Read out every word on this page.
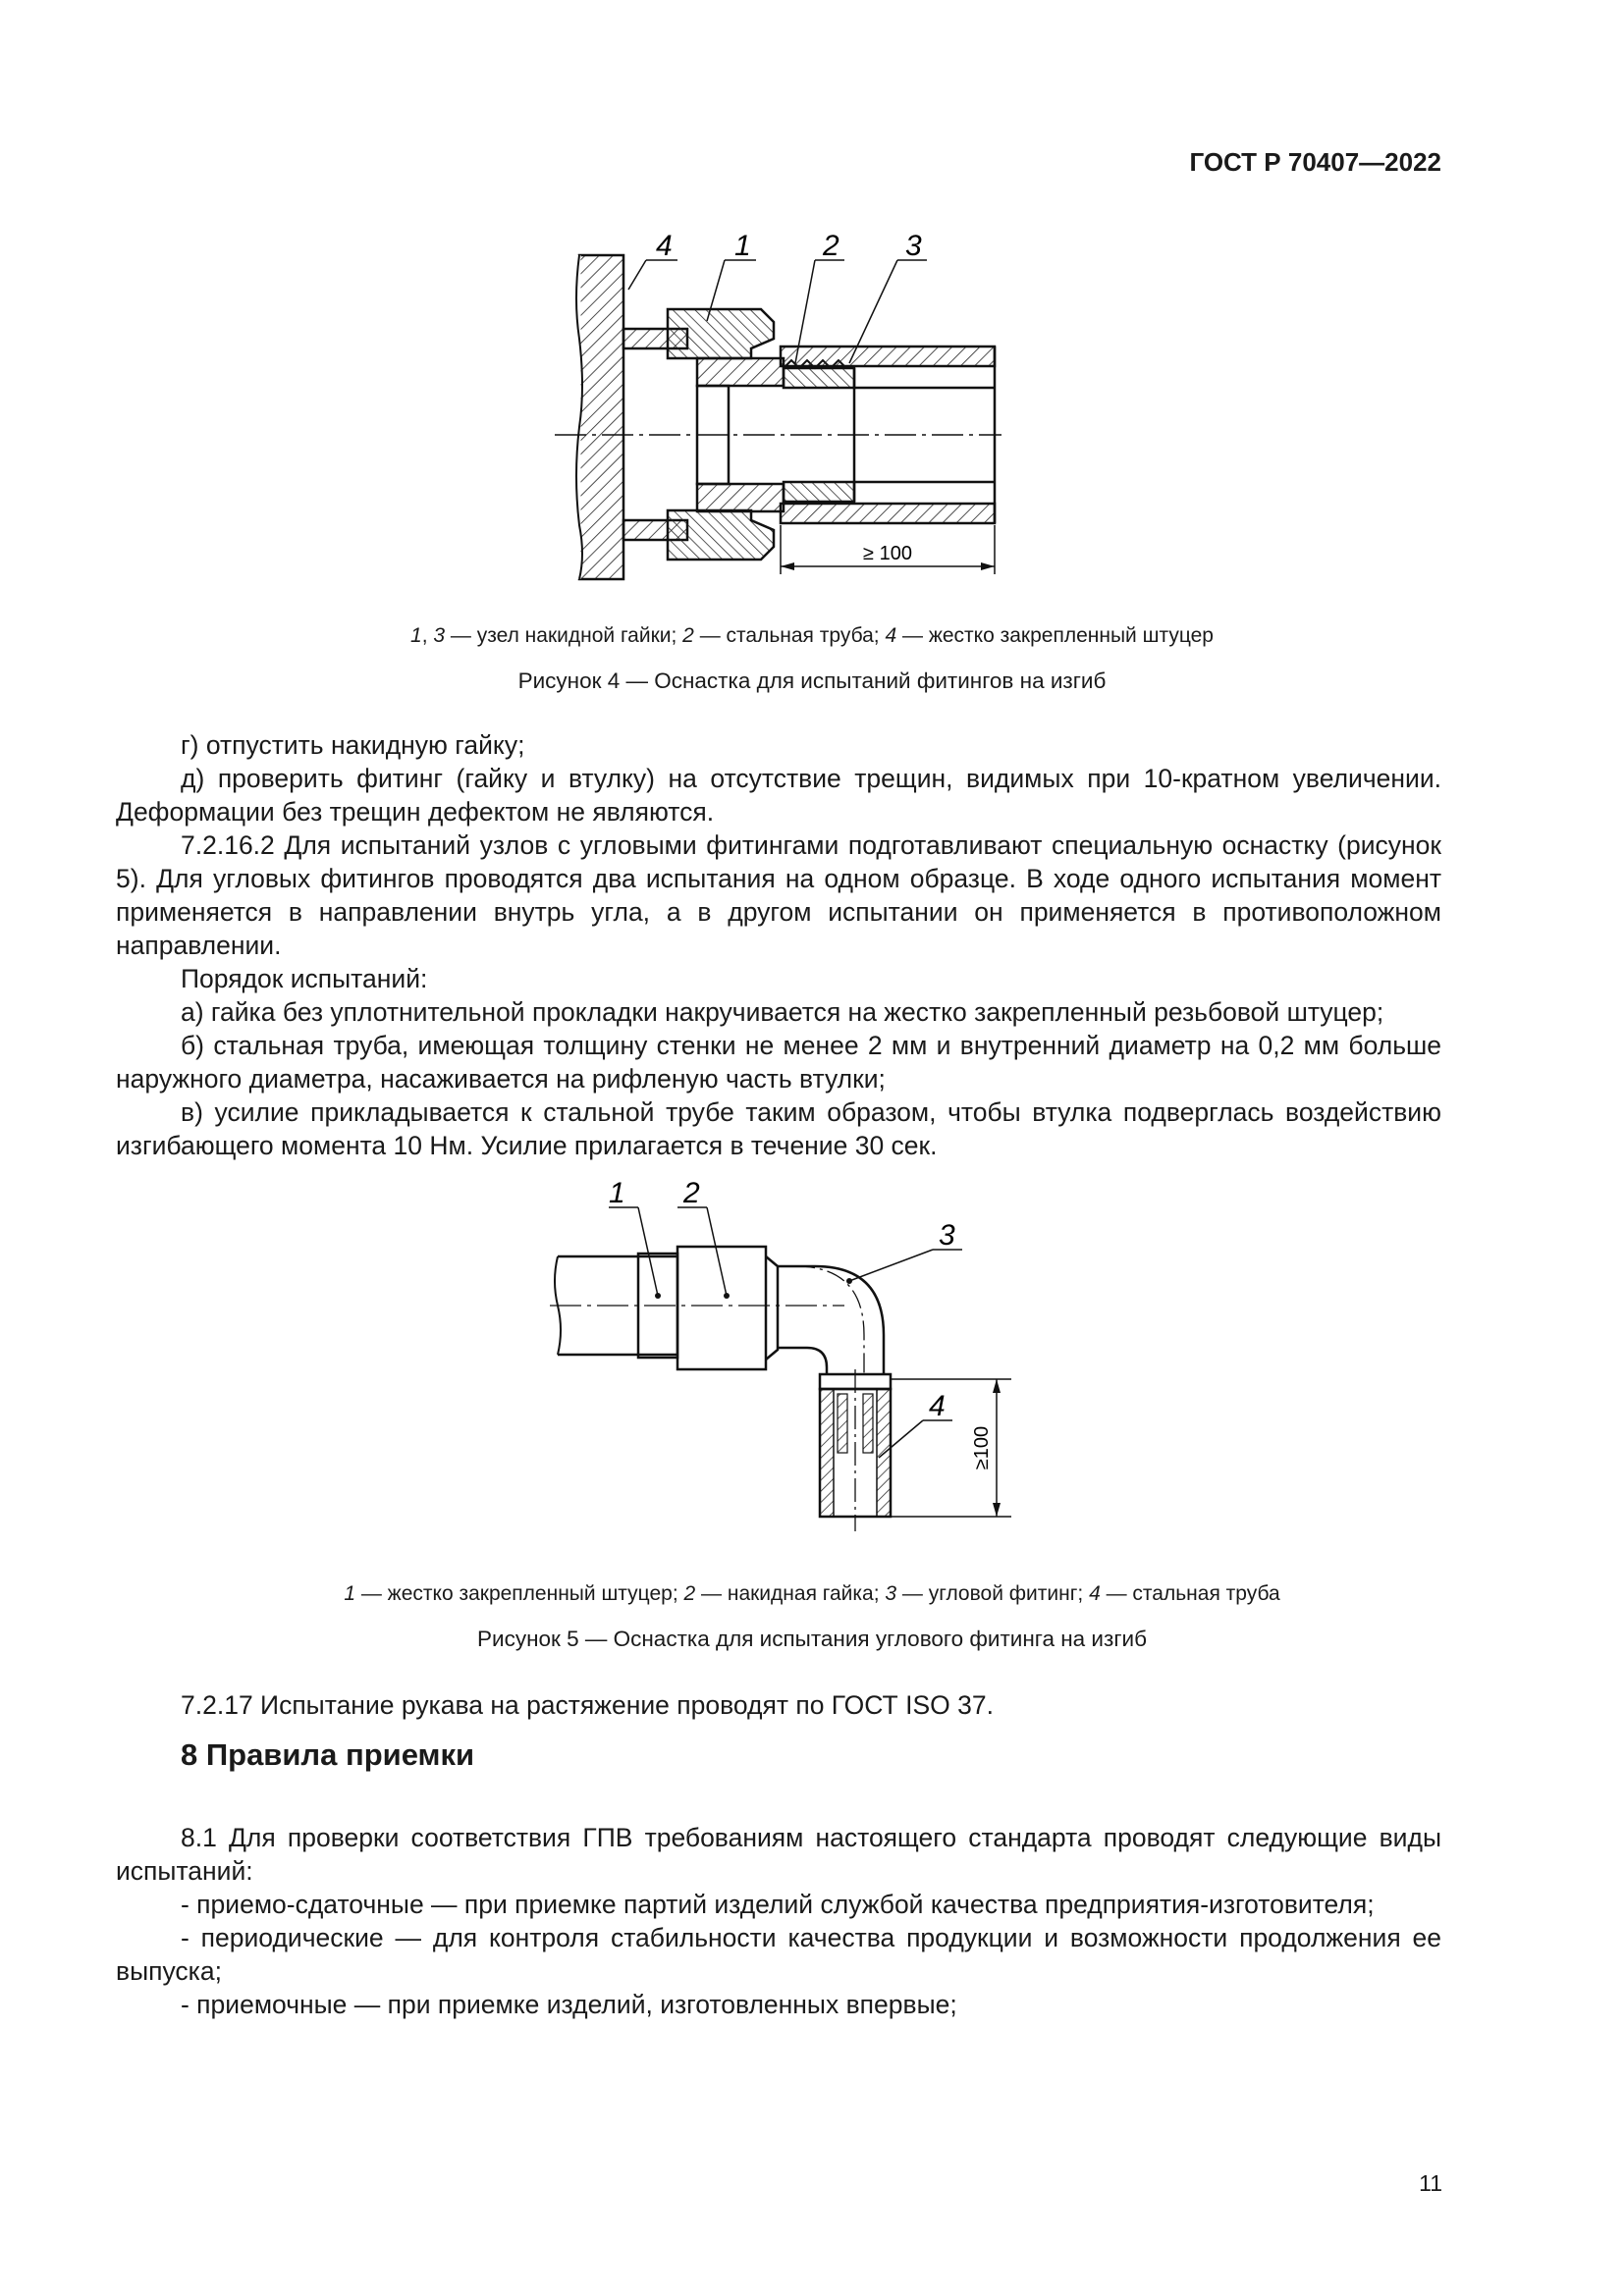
ГОСТ Р 70407—2022
≥ 100
4 1 2 3
1, 3 — узел накидной гайки; 2 — стальная труба; 4 — жестко закрепленный штуцер
Рисунок 4 — Оснастка для испытаний фитингов на изгиб
г) отпустить накидную гайку;
д) проверить фитинг (гайку и втулку) на отсутствие трещин, видимых при 10-кратном увеличении. Деформации без трещин дефектом не являются.
7.2.16.2 Для испытаний узлов с угловыми фитингами подготавливают специальную оснастку (рисунок 5). Для угловых фитингов проводятся два испытания на одном образце. В ходе одного испытания момент применяется в направлении внутрь угла, а в другом испытании он применяется в противоположном направлении.
Порядок испытаний:
а) гайка без уплотнительной прокладки накручивается на жестко закрепленный резьбовой штуцер;
б) стальная труба, имеющая толщину стенки не менее 2 мм и внутренний диаметр на 0,2 мм больше наружного диаметра, насаживается на рифленую часть втулки;
в) усилие прикладывается к стальной трубе таким образом, чтобы втулка подверглась воздействию изгибающего момента 10 Нм. Усилие прилагается в течение 30 сек.
≥100
1 2
3
4
1 — жестко закрепленный штуцер; 2 — накидная гайка; 3 — угловой фитинг; 4 — стальная труба
Рисунок 5 — Оснастка для испытания углового фитинга на изгиб
7.2.17 Испытание рукава на растяжение проводят по ГОСТ ISO 37.
8 Правила приемки
8.1 Для проверки соответствия ГПВ требованиям настоящего стандарта проводят следующие виды испытаний:
- приемо-сдаточные — при приемке партий изделий службой качества предприятия-изготовителя;
- периодические — для контроля стабильности качества продукции и возможности продолжения ее выпуска;
- приемочные — при приемке изделий, изготовленных впервые;
11
